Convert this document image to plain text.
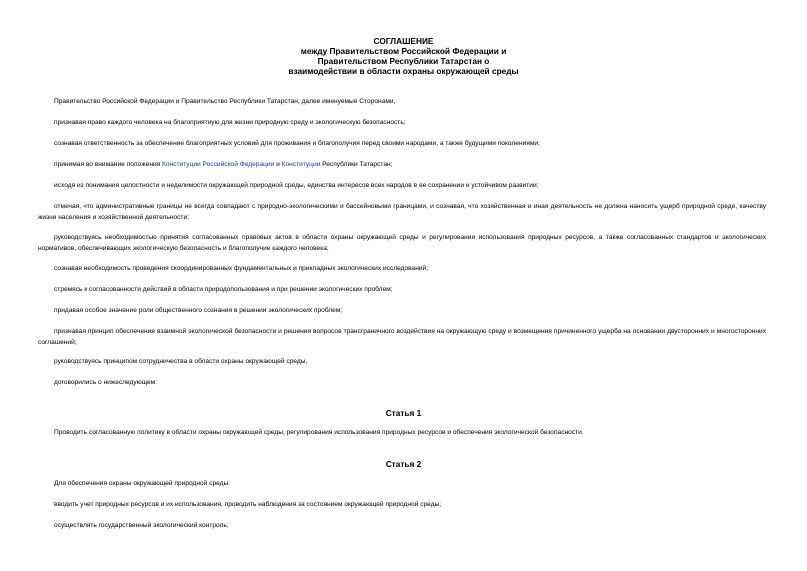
СОГЛАШЕНИЕ
между Правительством Российской Федерации и
Правительством Республики Татарстан о
взаимодействии в области охраны окружающей среды
Правительство Российской Федерации и Правительство Республики Татарстан, далее именуемые Сторонами,
признавая право каждого человека на благоприятную для жизни природную среду и экологическую безопасность;
сознавая ответственность за обеспечение благоприятных условий для проживания и благополучия перед своими народами, а также будущими поколениями;
принимая во внимание положения Конституции Российской Федерации и Конституции Республики Татарстан;
исходя из понимания целостности и неделимости окружающей природной среды, единства интересов всех народов в ее сохранении и устойчивом развитии;
отмечая, что административные границы не всегда совпадают с природно-экологическими и бассейновыми границами, и сознавая, что хозяйственная и иная деятельность не должна наносить ущерб природной среде, качеству жизни населения и хозяйственной деятельности;
руководствуясь необходимостью принятия согласованных правовых актов в области охраны окружающей среды и регулирования использования природных ресурсов, а также согласованных стандартов и экологических нормативов, обеспечивающих экологическую безопасность и благополучие каждого человека;
сознавая необходимость проведения скоординированных фундаментальных и прикладных экологических исследований;
стремясь к согласованности действий в области природопользования и при решении экологических проблем;
придавая особое значение роли общественного сознания в решении экологических проблем;
признавая принцип обеспечения взаимной экологической безопасности и решения вопросов трансграничного воздействия на окружающую среду и возмещения причиненного ущерба на основании двусторонних и многосторонних соглашений;
руководствуясь принципом сотрудничества в области охраны окружающей среды,
договорились о нижеследующем:
Статья 1
Проводить согласованную политику в области охраны окружающей среды, регулирования использования природных ресурсов и обеспечения экологической безопасности.
Статья 2
Для обеспечения охраны окружающей природной среды:
вводить учет природных ресурсов и их использования, проводить наблюдения за состоянием окружающей природной среды;
осуществлять государственный экологический контроль;
